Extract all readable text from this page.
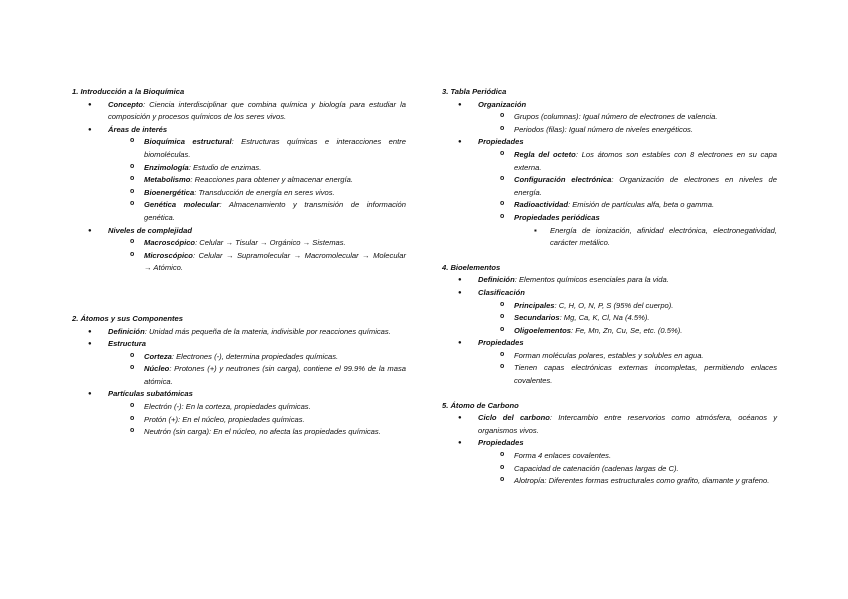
1. Introducción a la Bioquímica
● Concepto: Ciencia interdisciplinar que combina química y biología para estudiar la composición y procesos químicos de los seres vivos.
● Áreas de interés
o Bioquímica estructural: Estructuras químicas e interacciones entre biomoléculas.
o Enzimología: Estudio de enzimas.
o Metabolismo: Reacciones para obtener y almacenar energía.
o Bioenergética: Transducción de energía en seres vivos.
o Genética molecular: Almacenamiento y transmisión de información genética.
● Niveles de complejidad
o Macroscópico: Celular → Tisular → Orgánico → Sistemas.
o Microscópico: Celular → Supramolecular → Macromolecular → Molecular → Atómico.
2. Átomos y sus Componentes
● Definición: Unidad más pequeña de la materia, indivisible por reacciones químicas.
● Estructura
o Corteza: Electrones (-), determina propiedades químicas.
o Núcleo: Protones (+) y neutrones (sin carga), contiene el 99.9% de la masa atómica.
● Partículas subatómicas
o Electrón (-): En la corteza, propiedades químicas.
o Protón (+): En el núcleo, propiedades químicas.
o Neutrón (sin carga): En el núcleo, no afecta las propiedades químicas.
3. Tabla Periódica
● Organización
o Grupos (columnas): Igual número de electrones de valencia.
o Periodos (filas): Igual número de niveles energéticos.
● Propiedades
o Regla del octeto: Los átomos son estables con 8 electrones en su capa externa.
o Configuración electrónica: Organización de electrones en niveles de energía.
o Radioactividad: Emisión de partículas alfa, beta o gamma.
o Propiedades periódicas
▪ Energía de ionización, afinidad electrónica, electronegatividad, carácter metálico.
4. Bioelementos
● Definición: Elementos químicos esenciales para la vida.
● Clasificación
o Principales: C, H, O, N, P, S (95% del cuerpo).
o Secundarios: Mg, Ca, K, Cl, Na (4.5%).
o Oligoelementos: Fe, Mn, Zn, Cu, Se, etc. (0.5%).
● Propiedades
o Forman moléculas polares, estables y solubles en agua.
o Tienen capas electrónicas externas incompletas, permitiendo enlaces covalentes.
5. Átomo de Carbono
● Ciclo del carbono: Intercambio entre reservorios como atmósfera, océanos y organismos vivos.
● Propiedades
o Forma 4 enlaces covalentes.
o Capacidad de catenación (cadenas largas de C).
o Alotropía: Diferentes formas estructurales como grafito, diamante y grafeno.
